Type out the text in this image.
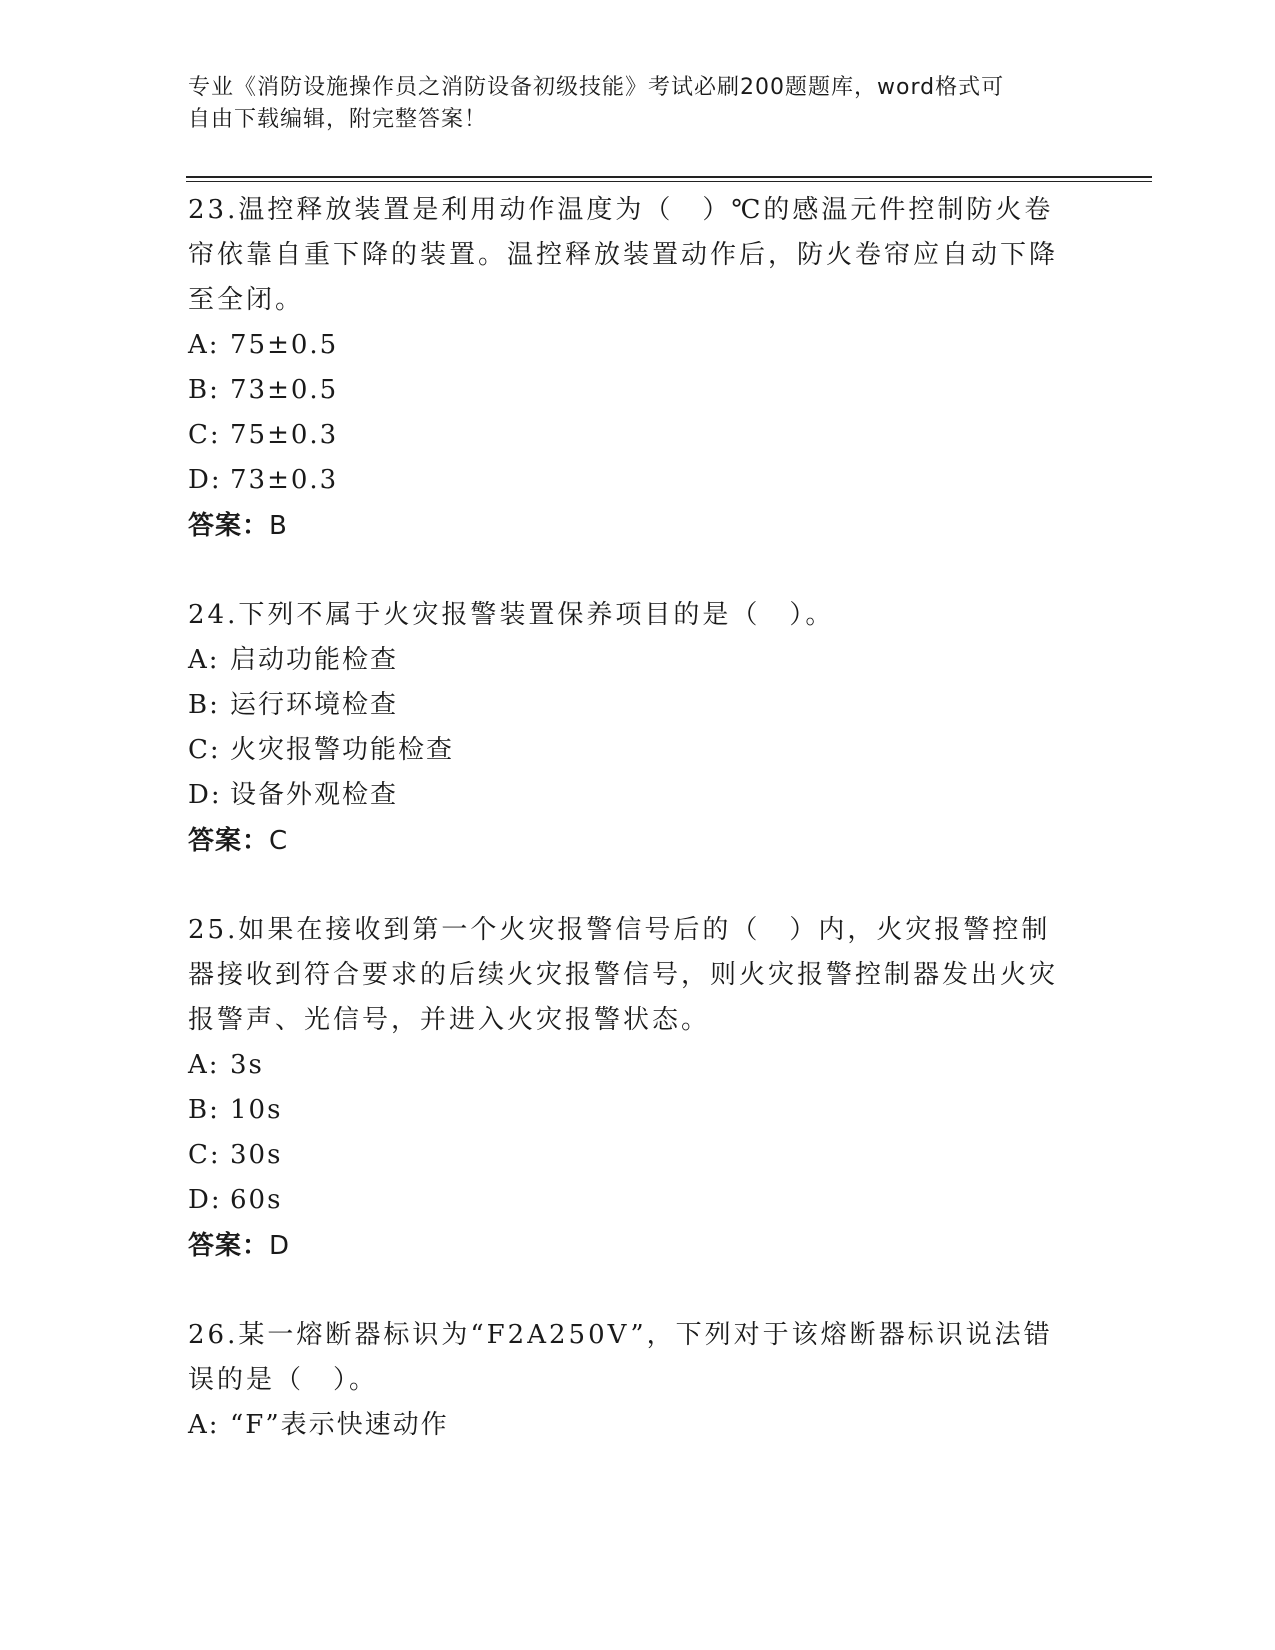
专业《消防设施操作员之消防设备初级技能》考试必刷200题题库，word格式可
自由下载编辑，附完整答案！
23.温控释放装置是利用动作温度为（　）℃的感温元件控制防火卷帘依靠自重下降的装置。温控释放装置动作后，防火卷帘应自动下降至全闭。
A: 75±0.5
B: 73±0.5
C: 75±0.3
D: 73±0.3
答案：B
24.下列不属于火灾报警装置保养项目的是（　）。
A: 启动功能检查
B: 运行环境检查
C: 火灾报警功能检查
D: 设备外观检查
答案：C
25.如果在接收到第一个火灾报警信号后的（　）内，火灾报警控制器接收到符合要求的后续火灾报警信号，则火灾报警控制器发出火灾报警声、光信号，并进入火灾报警状态。
A: 3s
B: 10s
C: 30s
D: 60s
答案：D
26.某一熔断器标识为“F2A250V”，下列对于该熔断器标识说法错误的是（　）。
A: “F”表示快速动作
